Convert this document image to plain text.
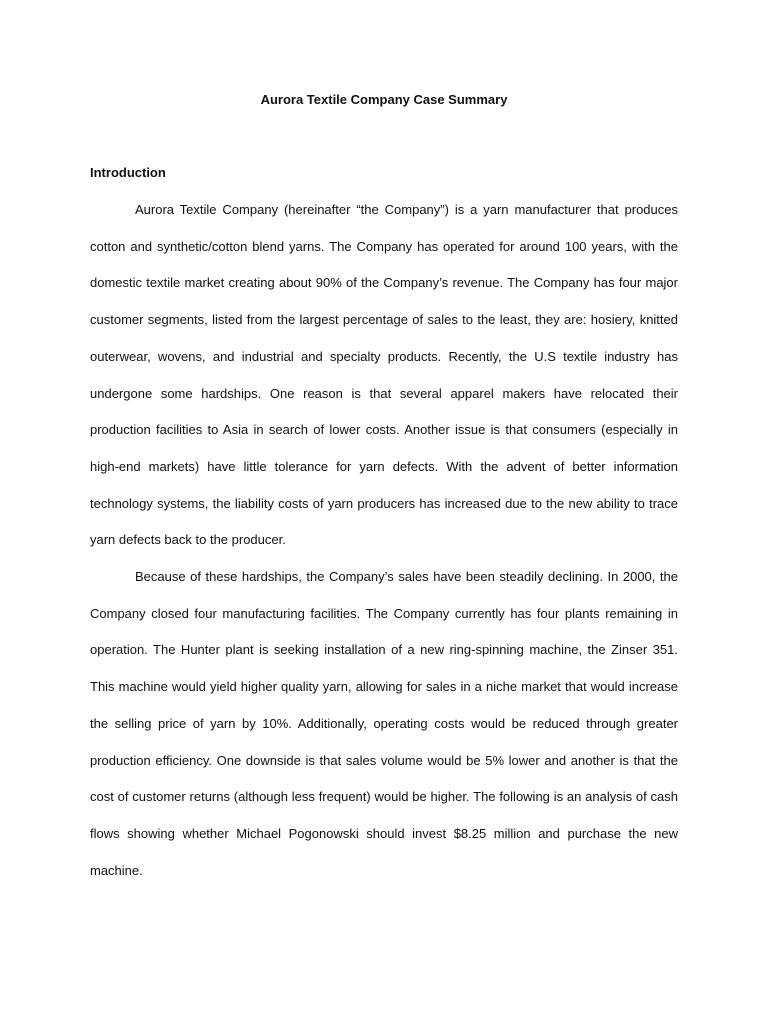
Aurora Textile Company Case Summary
Introduction

Aurora Textile Company (hereinafter “the Company”) is a yarn manufacturer that produces cotton and synthetic/cotton blend yarns. The Company has operated for around 100 years, with the domestic textile market creating about 90% of the Company’s revenue. The Company has four major customer segments, listed from the largest percentage of sales to the least, they are: hosiery, knitted outerwear, wovens, and industrial and specialty products. Recently, the U.S textile industry has undergone some hardships. One reason is that several apparel makers have relocated their production facilities to Asia in search of lower costs. Another issue is that consumers (especially in high-end markets) have little tolerance for yarn defects. With the advent of better information technology systems, the liability costs of yarn producers has increased due to the new ability to trace yarn defects back to the producer.

Because of these hardships, the Company’s sales have been steadily declining. In 2000, the Company closed four manufacturing facilities. The Company currently has four plants remaining in operation. The Hunter plant is seeking installation of a new ring-spinning machine, the Zinser 351. This machine would yield higher quality yarn, allowing for sales in a niche market that would increase the selling price of yarn by 10%. Additionally, operating costs would be reduced through greater production efficiency. One downside is that sales volume would be 5% lower and another is that the cost of customer returns (although less frequent) would be higher. The following is an analysis of cash flows showing whether Michael Pogonowski should invest $8.25 million and purchase the new machine.
